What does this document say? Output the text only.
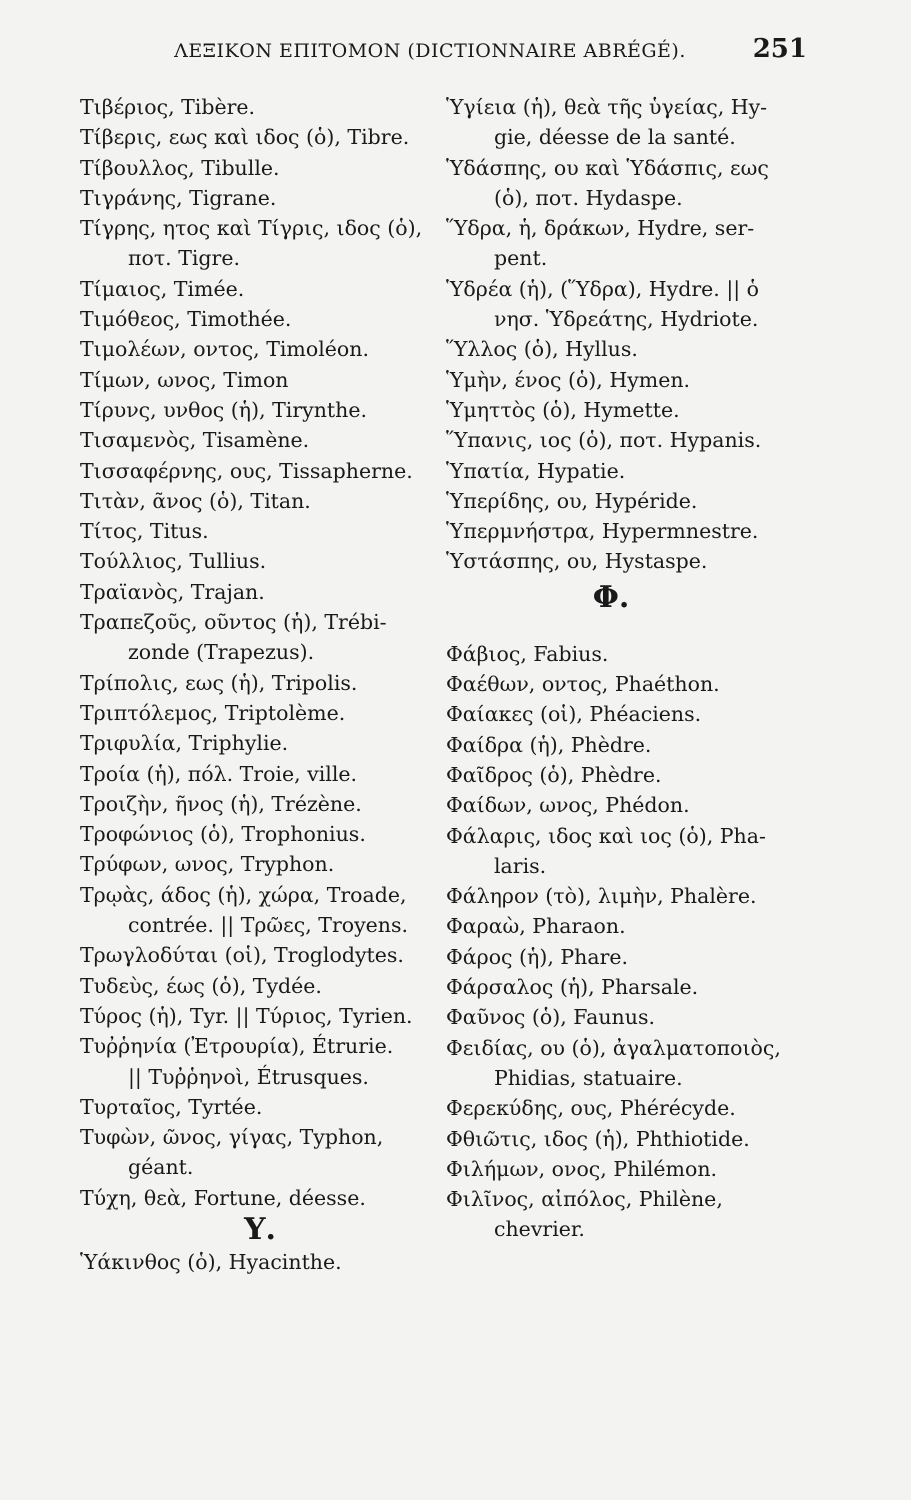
ΛΕΞΙΚΟΝ ΕΠΙΤΟΜΟΝ (DICTIONNAIRE ABRÉGÉ).	251
Τιβέριος, Tibère.
Τίβερις, εως καὶ ιδος (ὁ), Tibre.
Τίβουλλος, Tibulle.
Τιγράνης, Tigrane.
Τίγρης, ητος καὶ Τίγρις, ιδος (ὁ),
ποτ. Tigre.
Τίμαιος, Timée.
Τιμόθεος, Timothée.
Τιμολέων, οντος, Timoléon.
Τίμων, ωνος, Timon
Τίρυνς, υνθος (ἡ), Tirynthe.
Τισαμενὸς, Tisamène.
Τισσαφέρνης, ους, Tissapherne.
Τιτὰν, ᾶνος (ὁ), Titan.
Τίτος, Titus.
Τούλλιος, Tullius.
Τραϊανὸς, Trajan.
Τραπεζοῦς, οῦντος (ἡ), Trébi-
zonde (Trapezus).
Τρίπολις, εως (ἡ), Tripolis.
Τριπτόλεμος, Triptolème.
Τριφυλία, Triphylie.
Τροία (ἡ), πόλ. Troie, ville.
Τροιζὴν, ῆνος (ἡ), Trézène.
Τροφώνιος (ὁ), Trophonius.
Τρύφων, ωνος, Tryphon.
Τρῳὰς, άδος (ἡ), χώρα, Troade,
contrée. || Τρῶες, Troyens.
Τρωγλοδύται (οἱ), Troglodytes.
Τυδεὺς, έως (ὁ), Tydée.
Τύρος (ἡ), Tyr. || Τύριος, Tyrien.
Τυῤῥηνία (Ἐτρουρία), Étrurie.
|| Τυῤῥηνοὶ, Étrusques.
Τυρταῖος, Tyrtée.
Τυφὼν, ῶνος, γίγας, Typhon,
géant.
Τύχη, θεὰ, Fortune, déesse.
Υ.
Ὑάκινθος (ὁ), Hyacinthe.
Ὑγίεια (ἡ), θεὰ τῆς ὑγείας, Hy-
gie, déesse de la santé.
Ὑδάσπης, ου καὶ Ὑδάσπις, εως
(ὁ), ποτ. Hydaspe.
Ὕδρα, ἡ, δράκων, Hydre, ser-
pent.
Ὑδρέα (ἡ), (Ὕδρα), Hydre. || ὁ
νησ. Ὑδρεάτης, Hydriote.
Ὕλλος (ὁ), Hyllus.
Ὑμὴν, ένος (ὁ), Hymen.
Ὑμηττὸς (ὁ), Hymette.
Ὕπανις, ιος (ὁ), ποτ. Hypanis.
Ὑπατία, Hypatie.
Ὑπερίδης, ου, Hypéride.
Ὑπερμνήστρα, Hypermnestre.
Ὑστάσπης, ου, Hystaspe.
Φ.
Φάβιος, Fabius.
Φαέθων, οντος, Phaéthon.
Φαίακες (οἱ), Phéaciens.
Φαίδρα (ἡ), Phèdre.
Φαῖδρος (ὁ), Phèdre.
Φαίδων, ωνος, Phédon.
Φάλαρις, ιδος καὶ ιος (ὁ), Pha-
laris.
Φάληρον (τὸ), λιμὴν, Phalère.
Φαραὼ, Pharaon.
Φάρος (ἡ), Phare.
Φάρσαλος (ἡ), Pharsale.
Φαῦνος (ὁ), Faunus.
Φειδίας, ου (ὁ), ἀγαλματοποιὸς,
Phidias, statuaire.
Φερεκύδης, ους, Phérécyde.
Φθιῶτις, ιδος (ἡ), Phthiotide.
Φιλήμων, ονος, Philémon.
Φιλῖνος, αἰπόλος, Philène,
chevrier.
